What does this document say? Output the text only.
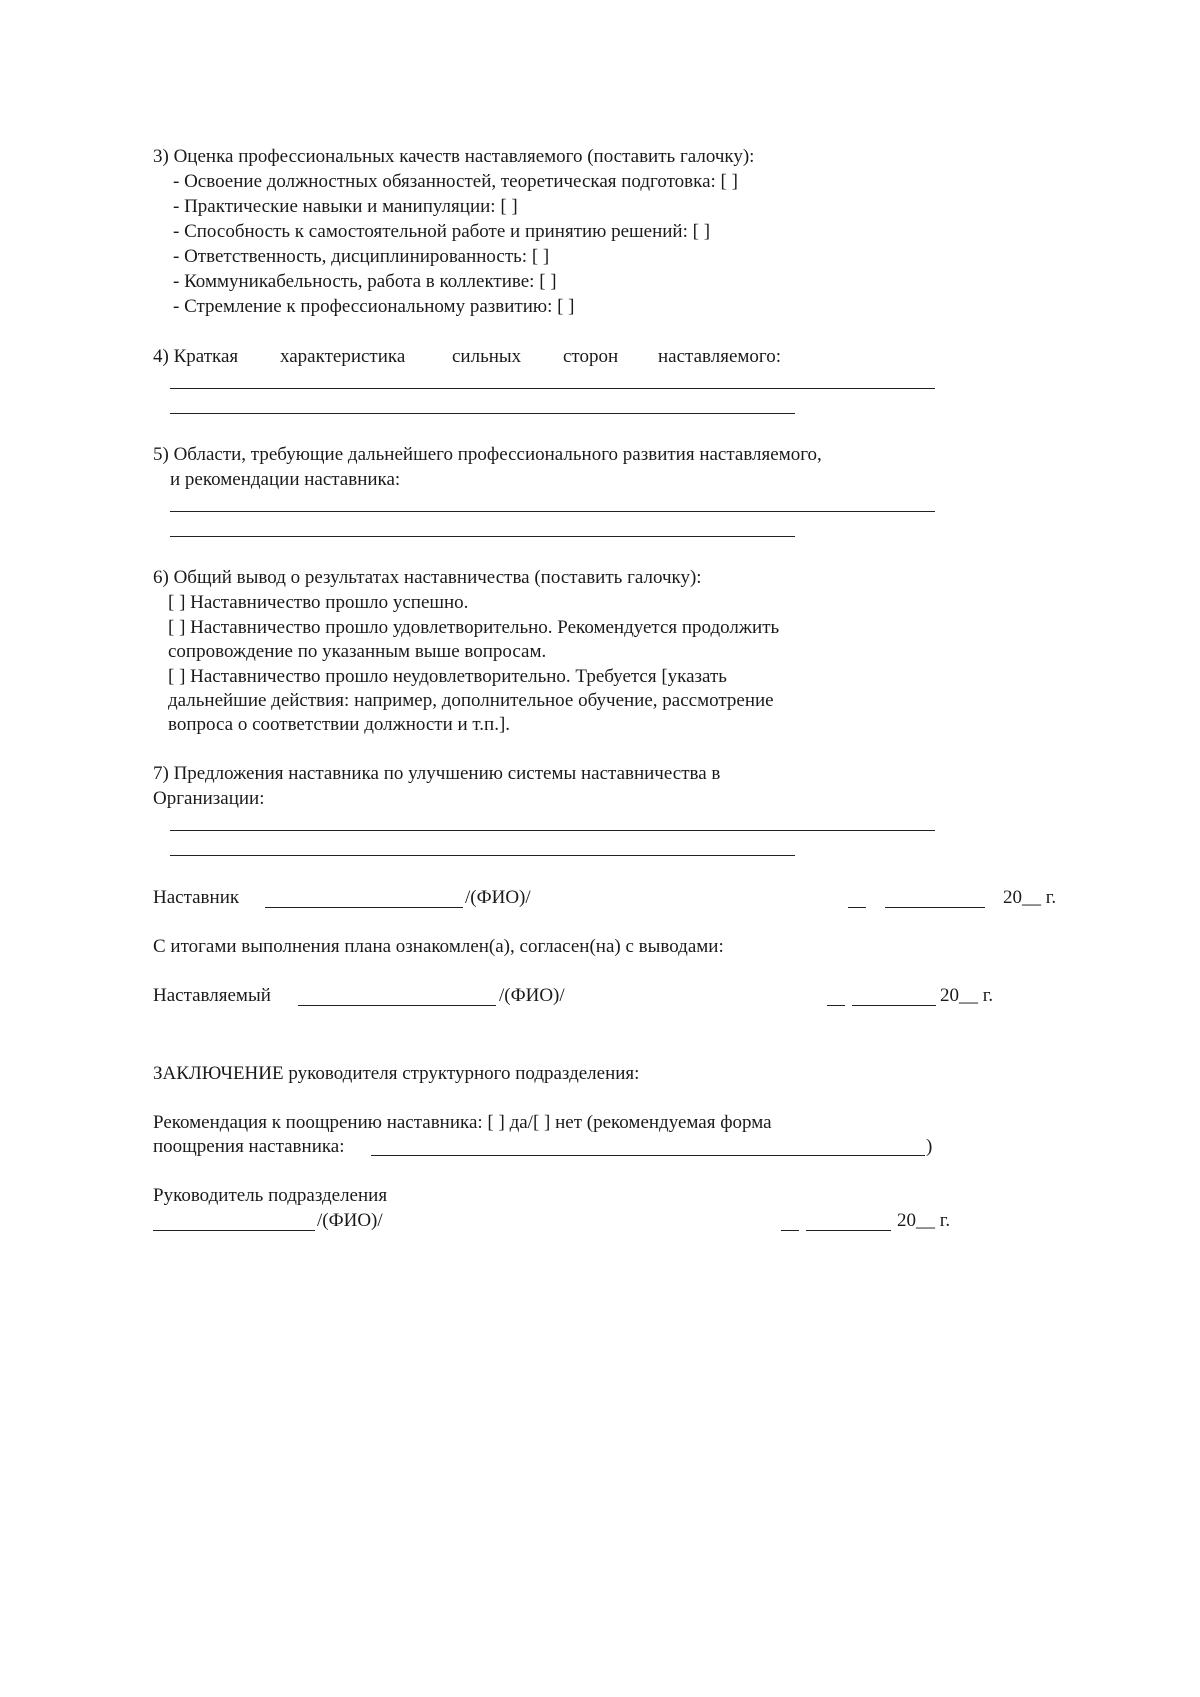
3) Оценка профессиональных качеств наставляемого (поставить галочку):
- Освоение должностных обязанностей, теоретическая подготовка: [ ]
- Практические навыки и манипуляции: [ ]
- Способность к самостоятельной работе и принятию решений: [ ]
- Ответственность, дисциплинированность: [ ]
- Коммуникабельность, работа в коллективе: [ ]
- Стремление к профессиональному развитию: [ ]
4) Краткая характеристика сильных сторон наставляемого:
5) Области, требующие дальнейшего профессионального развития наставляемого,
и рекомендации наставника:
6) Общий вывод о результатах наставничества (поставить галочку):
[ ] Наставничество прошло успешно.
[ ] Наставничество прошло удовлетворительно. Рекомендуется продолжить
сопровождение по указанным выше вопросам.
[ ] Наставничество прошло неудовлетворительно. Требуется [указать
дальнейшие действия: например, дополнительное обучение, рассмотрение
вопроса о соответствии должности и т.п.].
7) Предложения наставника по улучшению системы наставничества в
Организации:
Наставник	/(ФИО)/	20__ г.
С итогами выполнения плана ознакомлен(а), согласен(на) с выводами:
Наставляемый	/(ФИО)/	20__ г.
ЗАКЛЮЧЕНИЕ руководителя структурного подразделения:
Рекомендация к поощрению наставника: [ ] да/[ ] нет (рекомендуемая форма
поощрения наставника:	)
Руководитель подразделения
/(ФИО)/	20__ г.
